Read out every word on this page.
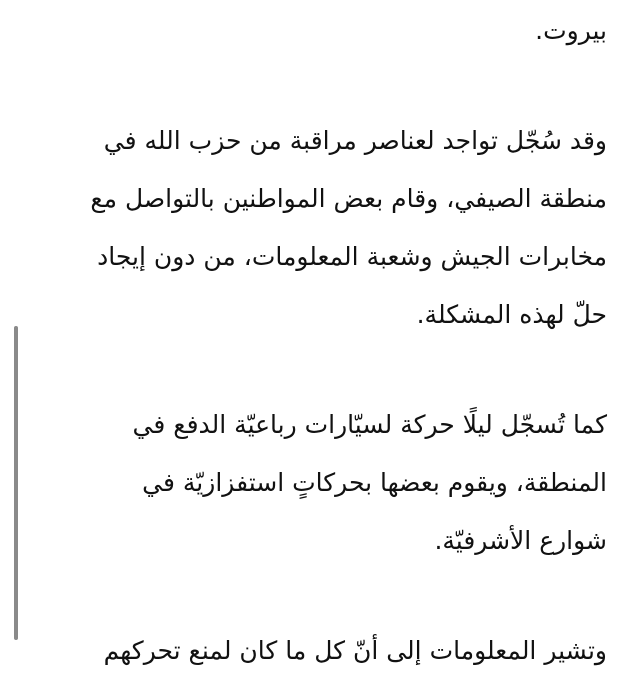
بيروت.

وقد سُجّل تواجد لعناصر مراقبة من حزب الله في
منطقة الصيفي، وقام بعض المواطنين بالتواصل مع
مخابرات الجيش وشعبة المعلومات، من دون إيجاد
حلّ لهذه المشكلة.

كما تُسجّل ليلًا حركة لسيّارات رباعيّة الدفع في
المنطقة، ويقوم بعضها بحركاتٍ استفزازيّة في
شوارع الأشرفيّة.

وتشير المعلومات إلى أنّ كل ما كان لمنع تحركهم
